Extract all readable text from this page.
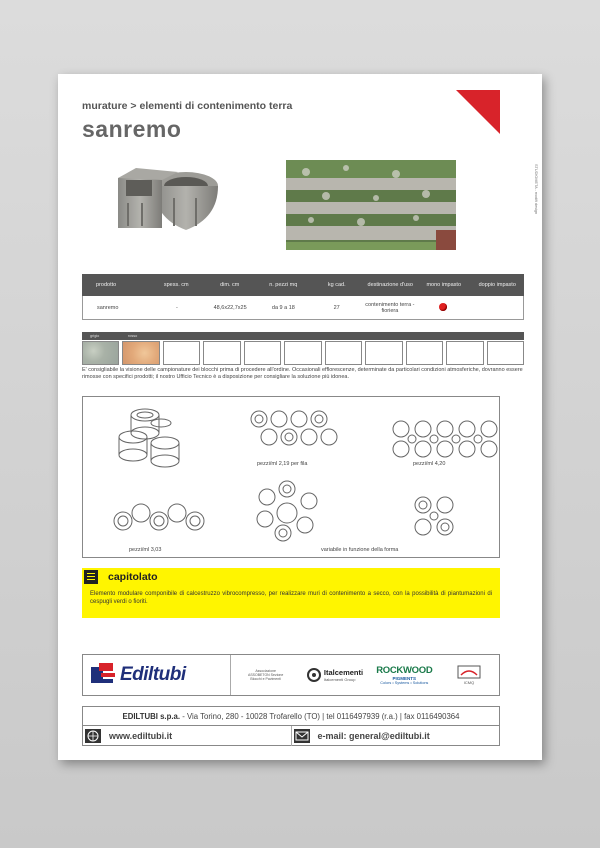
murature > elementi di contenimento terra
sanremo
STUDIOMETA - modifi design
prodotto	spess. cm	dim. cm	n. pezzi mq	kg cad.	destinazione d'uso	mono impasto	doppio impasto
sanremo	-	48,6x22,7x25	da 9 a 18	27	contenimento terra - fioriera
grigio	rosso
E' consigliabile la visione delle campionature dei blocchi prima di procedere all'ordine. Occasionali efflorescenze, determinate da particolari condizioni atmosferiche, dovranno essere rimosse con specifici prodotti; il nostro Ufficio Tecnico è a disposizione per consigliare la soluzione più idonea.
pezzi/ml 2,19 per fila	pezzi/ml 4,20
pezzi/ml 3,03	variabile in funzione della forma
capitolato
Elemento modulare componibile di calcestruzzo vibrocompresso, per realizzare muri di contenimento a secco, con la possibilità di piantumazioni di cespugli verdi o fioriti.
Ediltubi	Associazione ASSOBETON Sezione Blocchi e Pavimenti
Italcementi
Italcementi Group
ROCKWOOD
PIGMENTS
Colors • Systems • Solutions	ICMQ
EDILTUBI s.p.a.
- Via Torino, 280 - 10028 Trofarello (TO) | tel 0116497939 (r.a.) | fax 0116490364
www.ediltubi.it	e-mail: general@ediltubi.it
